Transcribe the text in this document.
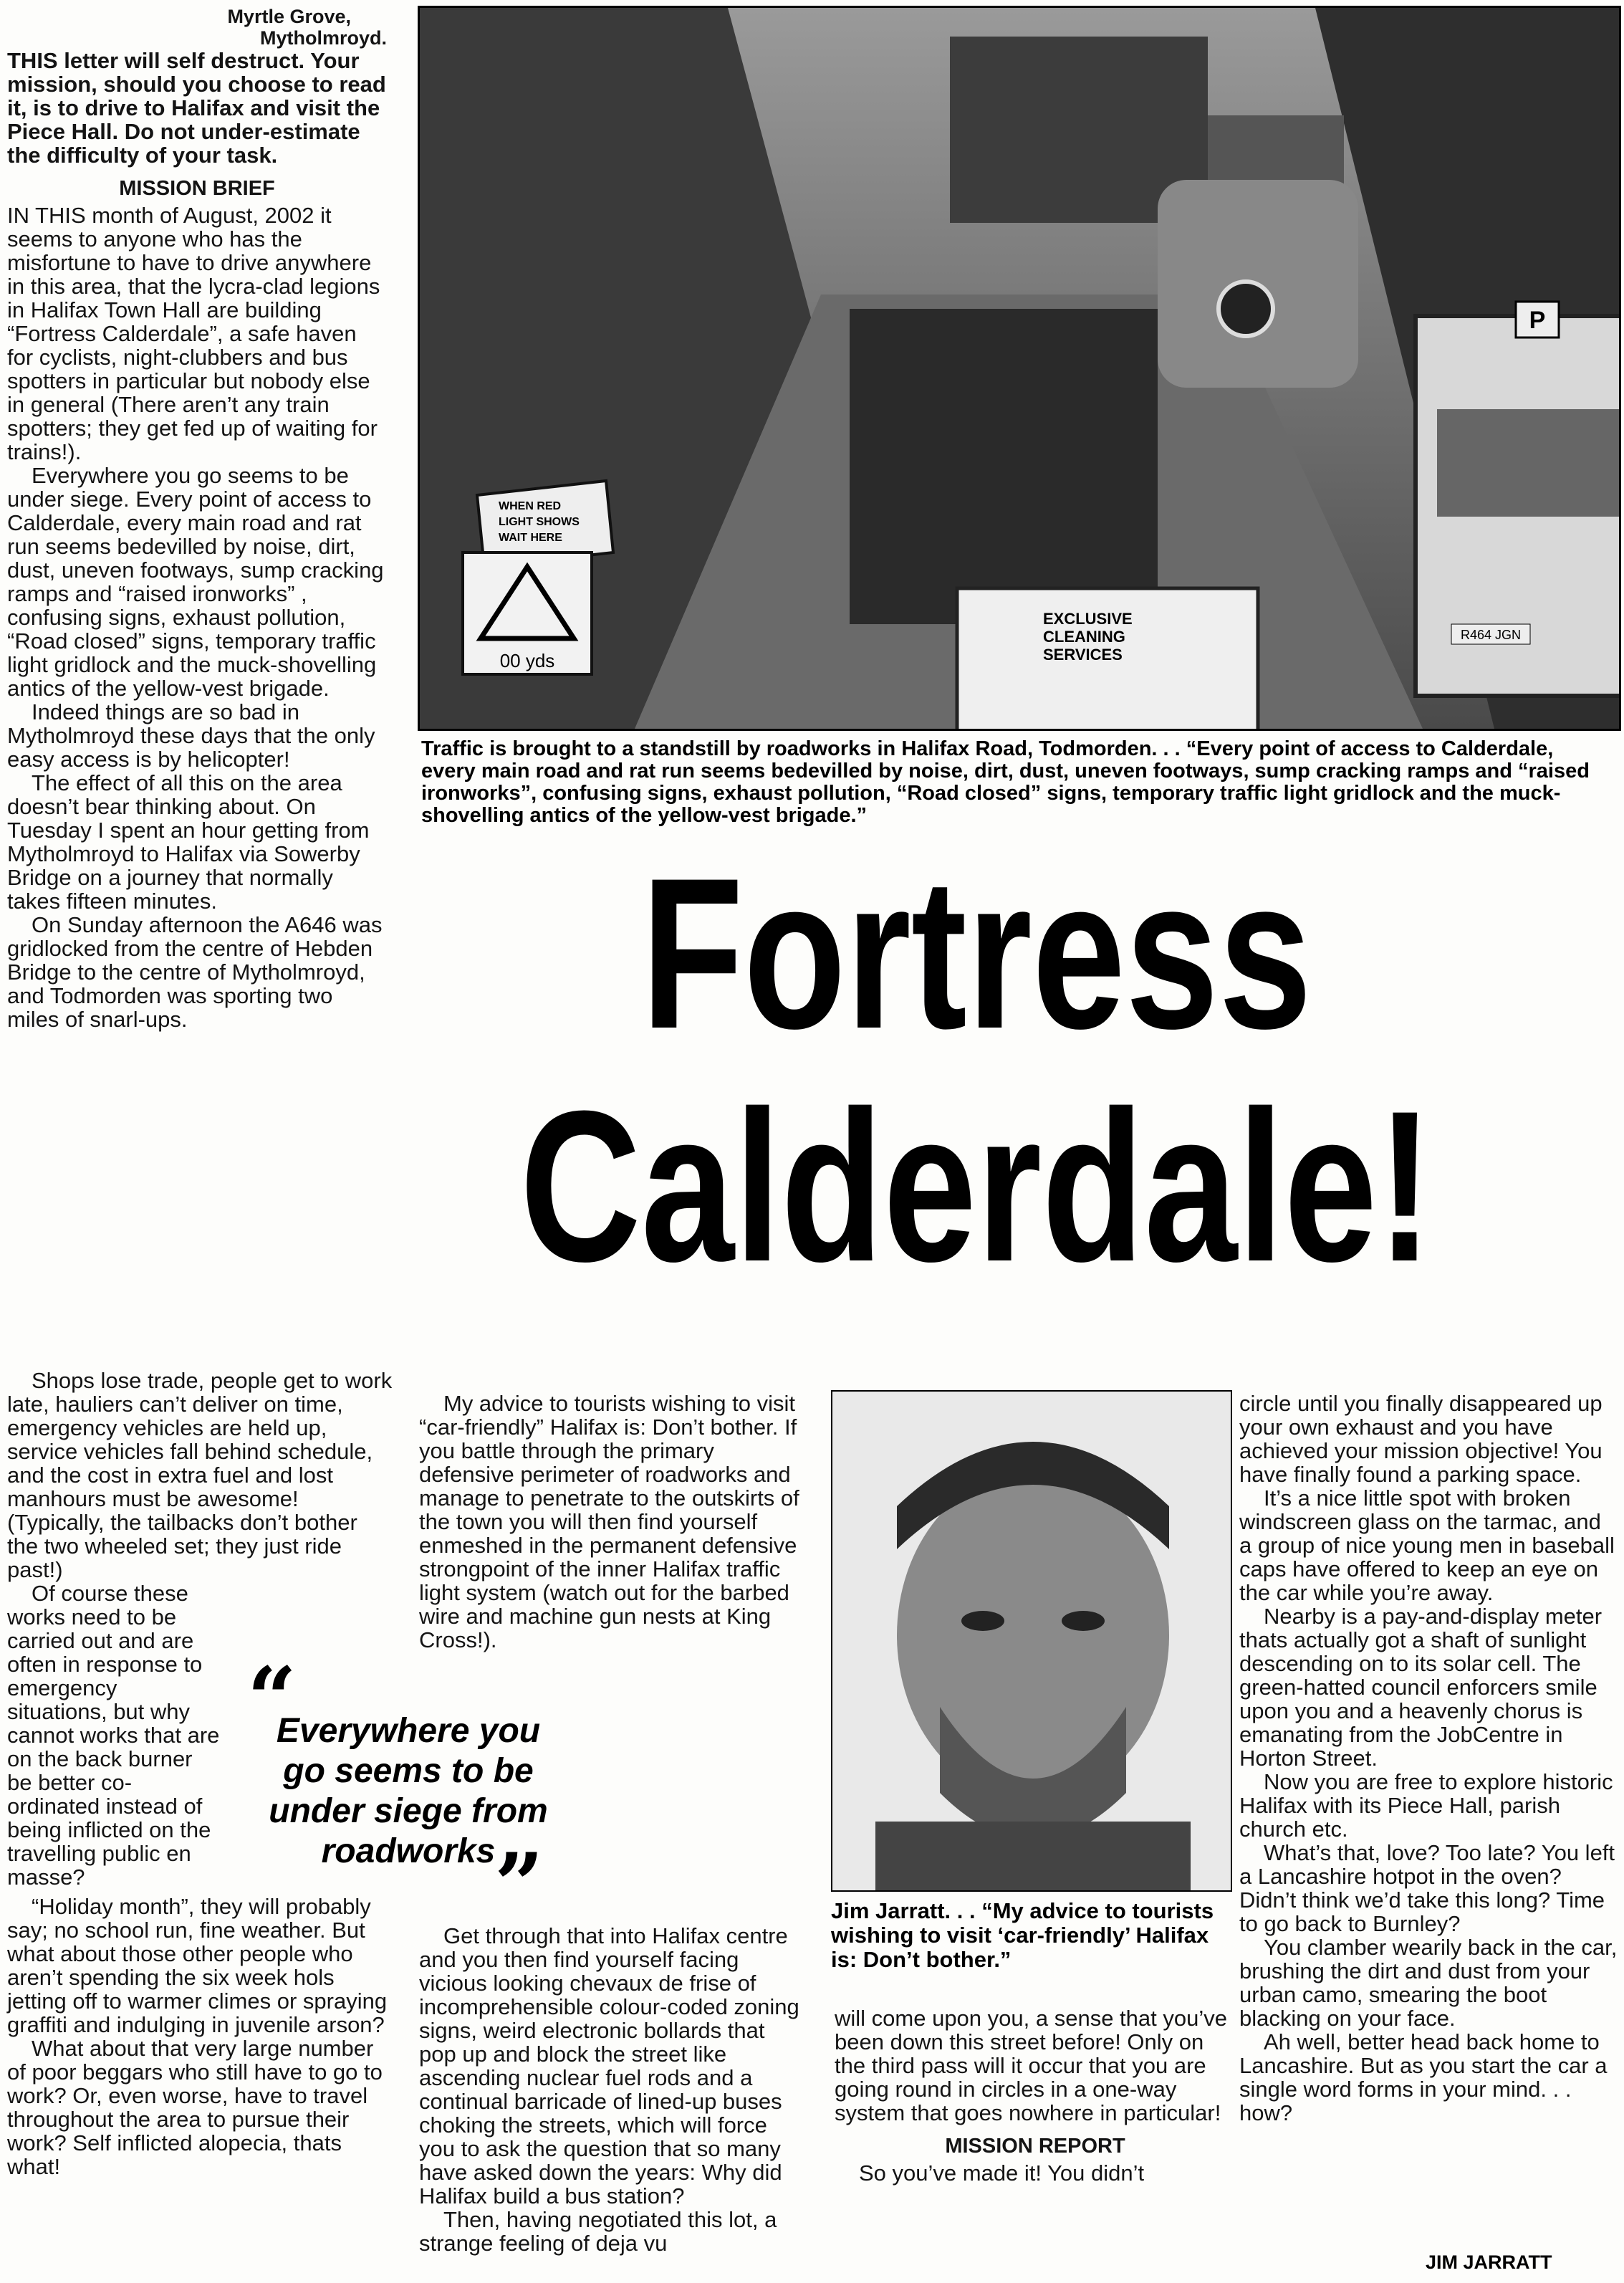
Myrtle Grove,
Mytholmroyd.

THIS letter will self destruct. Your mission, should you choose to read it, is to drive to Halifax and visit the Piece Hall. Do not under-estimate the difficulty of your task.

MISSION BRIEF

IN THIS month of August, 2002 it seems to anyone who has the misfortune to have to drive anywhere in this area, that the lycra-clad legions in Halifax Town Hall are building “Fortress Calderdale”, a safe haven for cyclists, night-clubbers and bus spotters in particular but nobody else in general (There aren’t any train spotters; they get fed up of waiting for trains!).

Everywhere you go seems to be under siege. Every point of access to Calderdale, every main road and rat run seems bedevilled by noise, dirt, dust, uneven footways, sump cracking ramps and “raised ironworks” , confusing signs, exhaust pollution, “Road closed” signs, temporary traffic light gridlock and the muck-shovelling antics of the yellow-vest brigade.

Indeed things are so bad in Mytholmroyd these days that the only easy access is by helicopter!

The effect of all this on the area doesn’t bear thinking about. On Tuesday I spent an hour getting from Mytholmroyd to Halifax via Sowerby Bridge on a journey that normally takes fifteen minutes.

On Sunday afternoon the A646 was gridlocked from the centre of Hebden Bridge to the centre of Mytholmroyd, and Todmorden was sporting two miles of snarl-ups.

Shops lose trade, people get to work late, hauliers can’t deliver on time, emergency vehicles are held up, service vehicles fall behind schedule, and the cost in extra fuel and lost manhours must be awesome! (Typically, the tailbacks don’t bother the two wheeled set; they just ride past!)

Of course these works need to be carried out and are often in response to emergency situations, but why cannot works that are on the back burner be better co-ordinated instead of being inflicted on the travelling public en masse?

“Holiday month”, they will probably say; no school run, fine weather. But what about those other people who aren’t spending the six week hols jetting off to warmer climes or spraying graffiti and indulging in juvenile arson?

What about that very large number of poor beggars who still have to go to work? Or, even worse, have to travel throughout the area to pursue their work? Self inflicted alopecia, thats what!

R464 JGN
EXCLUSIVE
CLEANING
SERVICES
WHEN RED
LIGHT SHOWS
WAIT HERE
00 yds
P
Traffic is brought to a standstill by roadworks in Halifax Road, Todmorden. . . “Every point of access to Calderdale, every main road and rat run seems bedevilled by noise, dirt, dust, uneven footways, sump cracking ramps and “raised ironworks”, confusing signs, exhaust pollution, “Road closed” signs, temporary traffic light gridlock and the muck-shovelling antics of the yellow-vest brigade.”
Fortress
Calderdale!
“
Everywhere you go seems to be under siege from roadworks
”

My advice to tourists wishing to visit “car-friendly” Halifax is: Don’t bother. If you battle through the primary defensive perimeter of roadworks and manage to penetrate to the outskirts of the town you will then find yourself enmeshed in the permanent defensive strongpoint of the inner Halifax traffic light system (watch out for the barbed wire and machine gun nests at King Cross!).

Get through that into Halifax centre and you then find yourself facing vicious looking chevaux de frise of incomprehensible colour-coded zoning signs, weird electronic bollards that pop up and block the street like ascending nuclear fuel rods and a continual barricade of lined-up buses choking the streets, which will force you to ask the question that so many have asked down the years: Why did Halifax build a bus station?

Then, having negotiated this lot, a strange feeling of deja vu

Jim Jarratt. . . “My advice to tourists wishing to visit ‘car-friendly’ Halifax is: Don’t bother.”

will come upon you, a sense that you’ve been down this street before! Only on the third pass will it occur that you are going round in circles in a one-way system that goes nowhere in particular!

MISSION REPORT

So you’ve made it! You didn’t

circle until you finally disappeared up your own exhaust and you have achieved your mission objective! You have finally found a parking space.

It’s a nice little spot with broken windscreen glass on the tarmac, and a group of nice young men in baseball caps have offered to keep an eye on the car while you’re away.

Nearby is a pay-and-display meter thats actually got a shaft of sunlight descending on to its solar cell. The green-hatted council enforcers smile upon you and a heavenly chorus is emanating from the JobCentre in Horton Street.

Now you are free to explore historic Halifax with its Piece Hall, parish church etc.

What’s that, love? Too late? You left a Lancashire hotpot in the oven? Didn’t think we’d take this long? Time to go back to Burnley?

You clamber wearily back in the car, brushing the dirt and dust from your urban camo, smearing the boot blacking on your face.

Ah well, better head back home to Lancashire. But as you start the car a single word forms in your mind. . . how?

JIM JARRATT
